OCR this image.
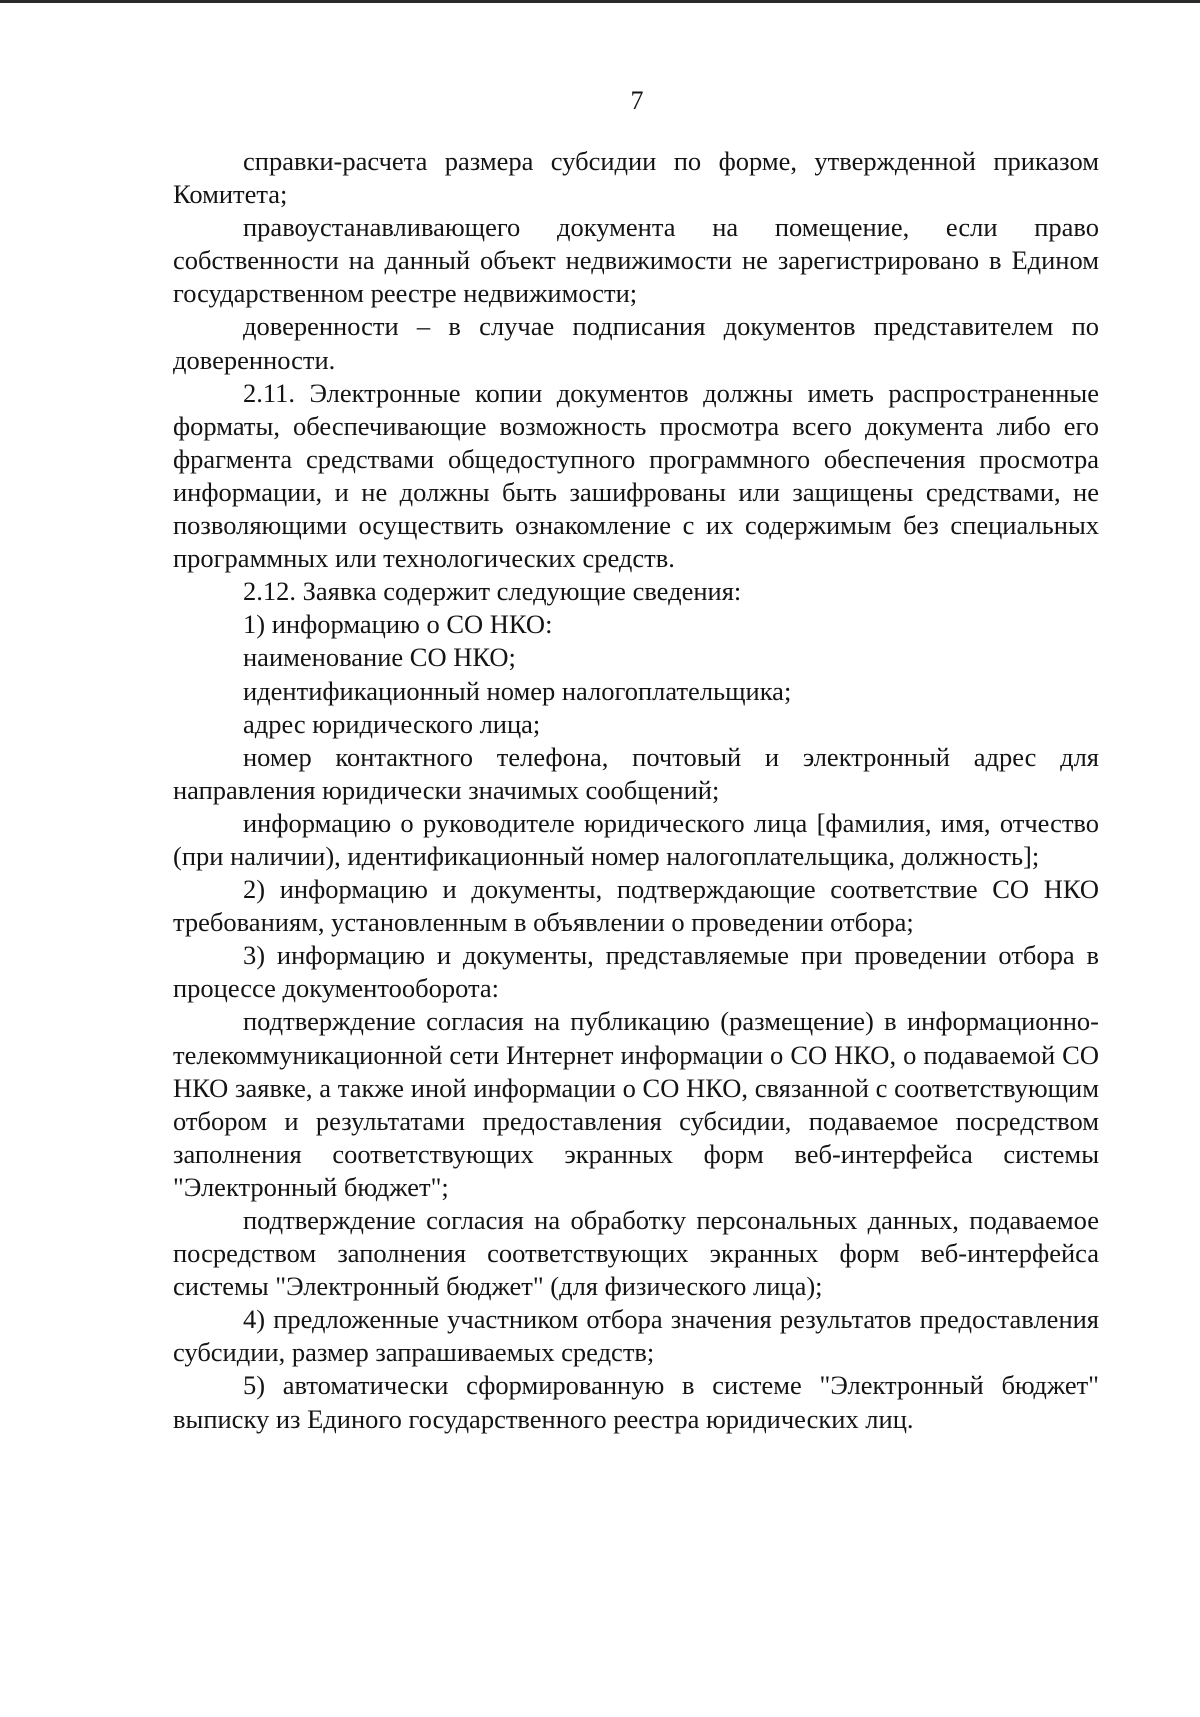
7

справки-расчета размера субсидии по форме, утвержденной приказом Комитета;

правоустанавливающего документа на помещение, если право собственности на данный объект недвижимости не зарегистрировано в Едином государственном реестре недвижимости;

доверенности – в случае подписания документов представителем по доверенности.

2.11. Электронные копии документов должны иметь распространенные форматы, обеспечивающие возможность просмотра всего документа либо его фрагмента средствами общедоступного программного обеспечения просмотра информации, и не должны быть зашифрованы или защищены средствами, не позволяющими осуществить ознакомление с их содержимым без специальных программных или технологических средств.

2.12. Заявка содержит следующие сведения:

1) информацию о СО НКО:

наименование СО НКО;

идентификационный номер налогоплательщика;

адрес юридического лица;

номер контактного телефона, почтовый и электронный адрес для направления юридически значимых сообщений;

информацию о руководителе юридического лица [фамилия, имя, отчество (при наличии), идентификационный номер налогоплательщика, должность];

2) информацию и документы, подтверждающие соответствие СО НКО требованиям, установленным в объявлении о проведении отбора;

3) информацию и документы, представляемые при проведении отбора в процессе документооборота:

подтверждение согласия на публикацию (размещение) в информационно-телекоммуникационной сети Интернет информации о СО НКО, о подаваемой СО НКО заявке, а также иной информации о СО НКО, связанной с соответствующим отбором и результатами предоставления субсидии, подаваемое посредством заполнения соответствующих экранных форм веб-интерфейса системы "Электронный бюджет";

подтверждение согласия на обработку персональных данных, подаваемое посредством заполнения соответствующих экранных форм веб-интерфейса системы "Электронный бюджет" (для физического лица);

4) предложенные участником отбора значения результатов предоставления субсидии, размер запрашиваемых средств;

5) автоматически сформированную в системе "Электронный бюджет" выписку из Единого государственного реестра юридических лиц.
